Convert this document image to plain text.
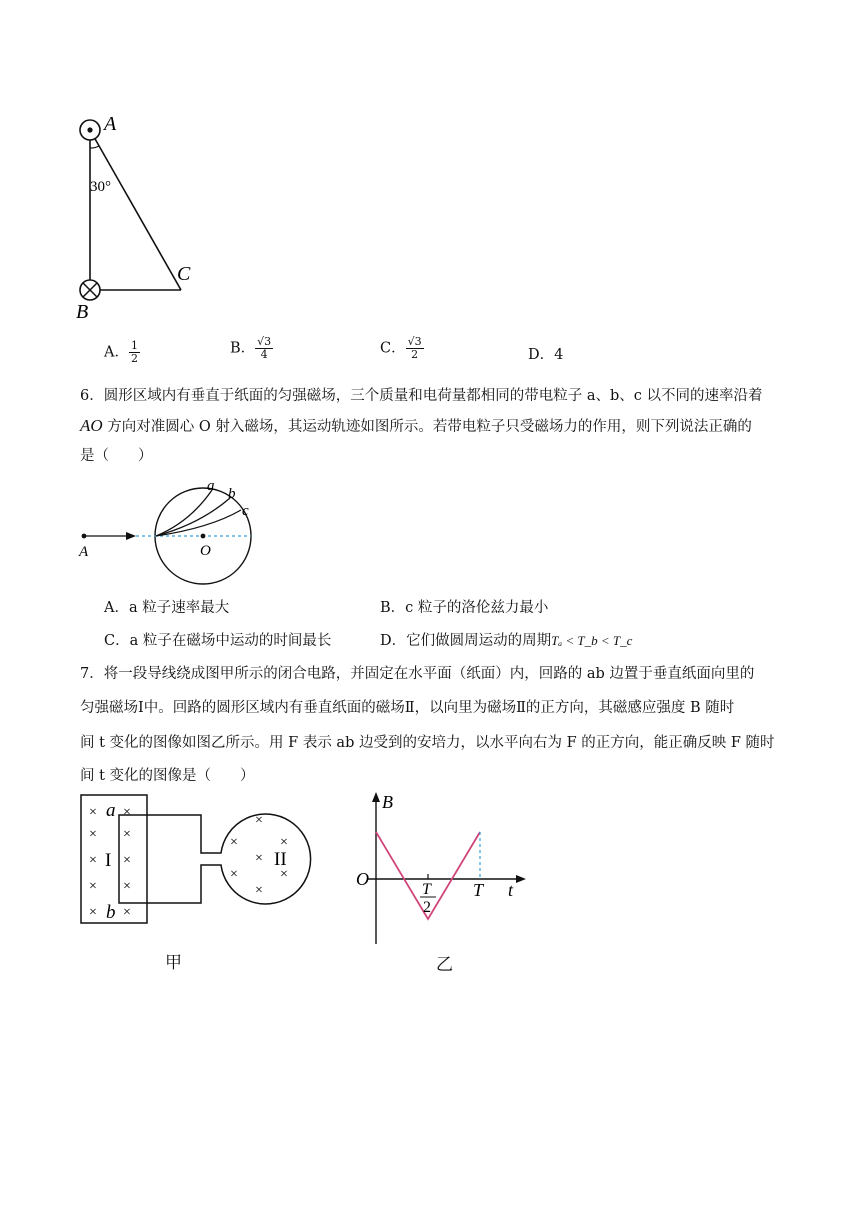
A
30°
C
B
A． $\frac{1}{2}$	B． $\frac{√3}{4}$	C． $\frac{√3}{2}$	D．4
6．圆形区域内有垂直于纸面的匀强磁场，三个质量和电荷量都相同的带电粒子 a、b、c 以不同的速率沿着
AO 方向对准圆心 O 射入磁场，其运动轨迹如图所示。若带电粒子只受磁场力的作用，则下列说法正确的
是（　　）
a b
c
A	O
A．a 粒子速率最大	B．c 粒子的洛伦兹力最小
C．a 粒子在磁场中运动的时间最长	D．它们做圆周运动的周期Tₐ < T_b < T_c
7．将一段导线绕成图甲所示的闭合电路，并固定在水平面（纸面）内，回路的 ab 边置于垂直纸面向里的
匀强磁场Ⅰ中。回路的圆形区域内有垂直纸面的磁场Ⅱ，以向里为磁场Ⅱ的正方向，其磁感应强度 B 随时
间 t 变化的图像如图乙所示。用 F 表示 ab 边受到的安培力，以水平向右为 F 的正方向，能正确反映 F 随时
间 t 变化的图像是（　　）
× a ×
× ×
× I ×
× ×
× b ×
×
×	×
× II
×	×
×
甲
B
O
T t
T
2
乙
